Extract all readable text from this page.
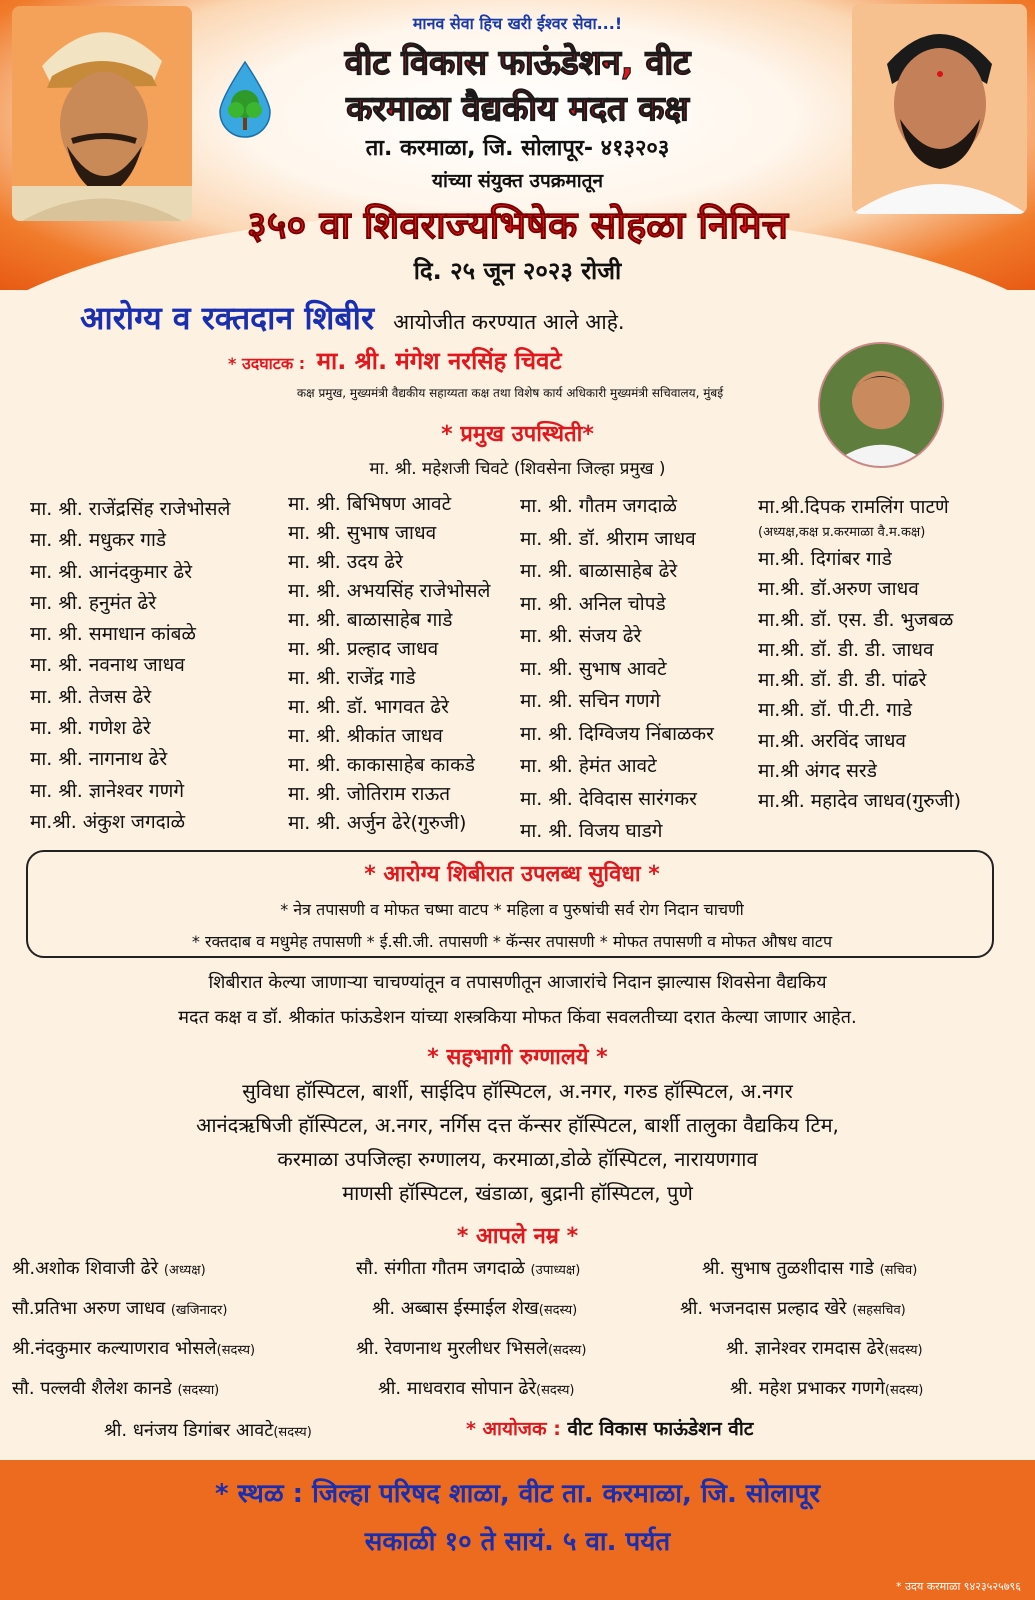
मानव सेवा हिच खरी ईश्वर सेवा...!
वीट विकास फाऊंडेशन, वीट
करमाळा वैद्यकीय मदत कक्ष
ता. करमाळा, जि. सोलापूर- ४१३२०३
यांच्या संयुक्त उपक्रमातून
३५० वा शिवराज्यभिषेक सोहळा निमित्त
दि. २५ जून २०२३ रोजी
आरोग्य व रक्तदान शिबीर आयोजीत करण्यात आले आहे.
* उदघाटक : मा. श्री. मंगेश नरसिंह चिवटे
कक्ष प्रमुख, मुख्यमंत्री वैद्यकीय सहाय्यता कक्ष तथा विशेष कार्य अधिकारी मुख्यमंत्री सचिवालय, मुंबई
* प्रमुख उपस्थिती*
मा. श्री. महेशजी चिवटे (शिवसेना जिल्हा प्रमुख )
मा. श्री. राजेंद्रसिंह राजेभोसले
मा. श्री. मधुकर गाडे
मा. श्री. आनंदकुमार ढेरे
मा. श्री. हनुमंत ढेरे
मा. श्री. समाधान कांबळे
मा. श्री. नवनाथ जाधव
मा. श्री. तेजस ढेरे
मा. श्री. गणेश ढेरे
मा. श्री. नागनाथ ढेरे
मा. श्री. ज्ञानेश्वर गणगे
मा.श्री. अंकुश जगदाळे
मा. श्री. बिभिषण आवटे
मा. श्री. सुभाष जाधव
मा. श्री. उदय ढेरे
मा. श्री. अभयसिंह राजेभोसले
मा. श्री. बाळासाहेब गाडे
मा. श्री. प्रल्हाद जाधव
मा. श्री. राजेंद्र गाडे
मा. श्री. डॉ. भागवत ढेरे
मा. श्री. श्रीकांत जाधव
मा. श्री. काकासाहेब काकडे
मा. श्री. जोतिराम राऊत
मा. श्री. अर्जुन ढेरे(गुरुजी)
मा. श्री. गौतम जगदाळे
मा. श्री. डॉ. श्रीराम जाधव
मा. श्री. बाळासाहेब ढेरे
मा. श्री. अनिल चोपडे
मा. श्री. संजय ढेरे
मा. श्री. सुभाष आवटे
मा. श्री. सचिन गणगे
मा. श्री. दिग्विजय निंबाळकर
मा. श्री. हेमंत आवटे
मा. श्री. देविदास सारंगकर
मा. श्री. विजय घाडगे
मा.श्री.दिपक रामलिंग पाटणे
(अध्यक्ष,कक्ष प्र.करमाळा वै.म.कक्ष)
मा.श्री. दिगांबर गाडे
मा.श्री. डॉ.अरुण जाधव
मा.श्री. डॉ. एस. डी. भुजबळ
मा.श्री. डॉ. डी. डी. जाधव
मा.श्री. डॉ. डी. डी. पांढरे
मा.श्री. डॉ. पी.टी. गाडे
मा.श्री. अरविंद जाधव
मा.श्री अंगद सरडे
मा.श्री. महादेव जाधव(गुरुजी)
* आरोग्य शिबीरात उपलब्ध सुविधा *
* नेत्र तपासणी व मोफत चष्मा वाटप * महिला व पुरुषांची सर्व रोग निदान चाचणी
* रक्तदाब व मधुमेह तपासणी * ई.सी.जी. तपासणी * कॅन्सर तपासणी * मोफत तपासणी व मोफत औषध वाटप
शिबीरात केल्या जाणाऱ्या चाचण्यांतून व तपासणीतून आजारांचे निदान झाल्यास शिवसेना वैद्यकिय
मदत कक्ष व डॉ. श्रीकांत फांऊडेशन यांच्या शस्त्रकिया मोफत किंवा सवलतीच्या दरात केल्या जाणार आहेत.
* सहभागी रुग्णालये *
सुविधा हॉस्पिटल, बार्शी, साईदिप हॉस्पिटल, अ.नगर, गरुड हॉस्पिटल, अ.नगर
आनंदऋषिजी हॉस्पिटल, अ.नगर, नर्गिस दत्त कॅन्सर हॉस्पिटल, बार्शी तालुका वैद्यकिय टिम,
करमाळा उपजिल्हा रुग्णालय, करमाळा,डोळे हॉस्पिटल, नारायणगाव
माणसी हॉस्पिटल, खंडाळा, बुद्रानी हॉस्पिटल, पुणे
* आपले नम्र *
श्री.अशोक शिवाजी ढेरे (अध्यक्ष)	सौ. संगीता गौतम जगदाळे (उपाध्यक्ष)	श्री. सुभाष तुळशीदास गाडे (सचिव)
सौ.प्रतिभा अरुण जाधव (खजिनादर)	श्री. अब्बास ईस्माईल शेख(सदस्य)	श्री. भजनदास प्रल्हाद खेरे (सहसचिव)
श्री.नंदकुमार कल्याणराव भोसले(सदस्य)	श्री. रेवणनाथ मुरलीधर भिसले(सदस्य)	श्री. ज्ञानेश्वर रामदास ढेरे(सदस्य)
सौ. पल्लवी शैलेश कानडे (सदस्या)	श्री. माधवराव सोपान ढेरे(सदस्य)	श्री. महेश प्रभाकर गणगे(सदस्य)
श्री. धनंजय डिगांबर आवटे(सदस्य)	* आयोजक : वीट विकास फाऊंडेशन वीट
* स्थळ : जिल्हा परिषद शाळा, वीट ता. करमाळा, जि. सोलापूर
सकाळी १० ते सायं. ५ वा. पर्यत
* उदय करमाळा ९४२३५२५७९६
